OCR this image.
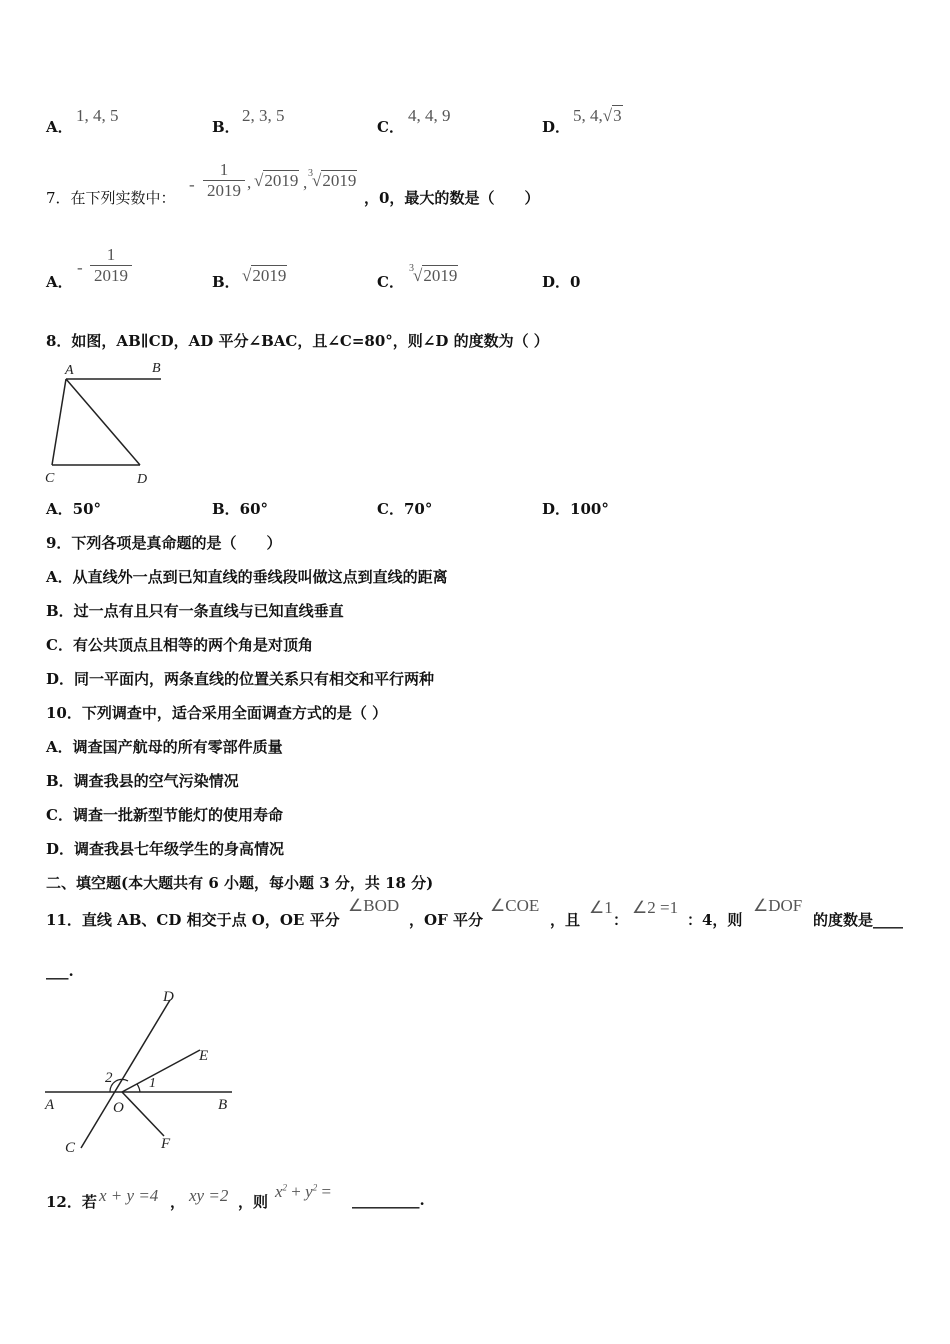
A．
1, 4, 5
B．
2, 3, 5
C．
4, 4, 9
D．
5, 4,√3
7．在下列实数中：
-
1
2019 , √2019 , 3 √2019
，0，最大的数是（　　）
A．
-
1
2019	B． √2019	C．
3 √2019	D．0
8．如图，AB∥CD，AD 平分∠BAC，且∠C=80°，则∠D 的度数为（ ）
A	B
C	D
A．50°	B．60°	C．70°	D．100°
9．下列各项是真命题的是（　　）
A．从直线外一点到已知直线的垂线段叫做这点到直线的距离
B．过一点有且只有一条直线与已知直线垂直
C．有公共顶点且相等的两个角是对顶角
D．同一平面内，两条直线的位置关系只有相交和平行两种
10．下列调查中，适合采用全面调查方式的是（ ）
A．调查国产航母的所有零部件质量
B．调查我县的空气污染情况
C．调查一批新型节能灯的使用寿命
D．调查我县七年级学生的身高情况
二、填空题(本大题共有 6 小题，每小题 3 分，共 18 分)
11．直线 AB、CD 相交于点 O，OE 平分
∠BOD
，OF 平分
∠COE
，且
∠1
：
∠2 =1
：4，则
∠DOF
的度数是____
___.
D
E
2	1
A	O	B
C	F
12．若 x + y =4 ， xy =2 ，则
$x^2 + y^2$ = _________.
